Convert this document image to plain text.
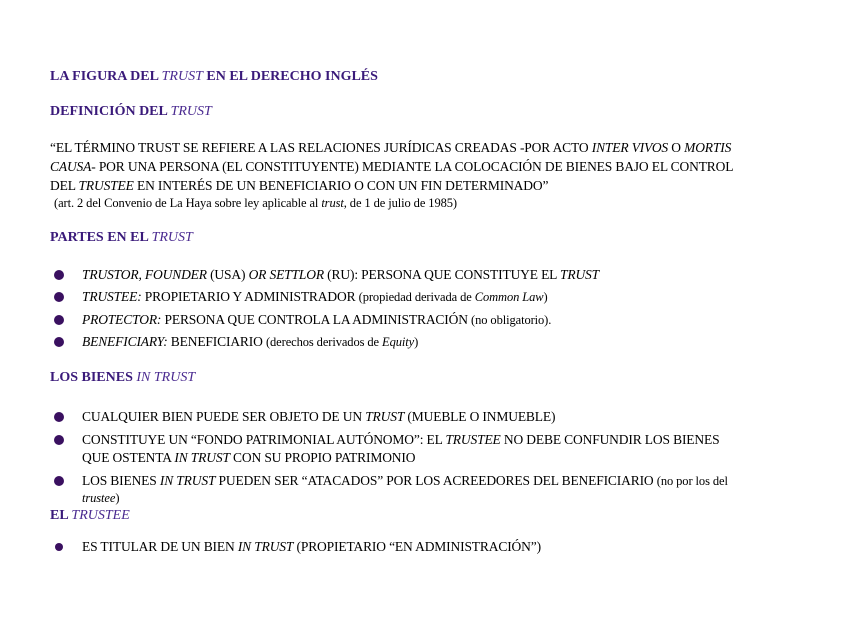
LA FIGURA DEL TRUST EN EL DERECHO INGLÉS
DEFINICIÓN DEL TRUST
“EL TÉRMINO TRUST SE REFIERE A LAS RELACIONES JURÍDICAS CREADAS -POR ACTO INTER VIVOS O MORTIS
CAUSA- POR UNA PERSONA (EL CONSTITUYENTE) MEDIANTE LA COLOCACIÓN DE BIENES BAJO EL CONTROL
DEL TRUSTEE EN INTERÉS DE UN BENEFICIARIO O CON UN FIN DETERMINADO”
(art. 2 del Convenio de La Haya sobre ley aplicable al trust, de 1 de julio de 1985)
PARTES EN EL TRUST
TRUSTOR, FOUNDER (USA) OR SETTLOR (RU): PERSONA QUE CONSTITUYE EL TRUST
TRUSTEE: PROPIETARIO Y ADMINISTRADOR (propiedad derivada de Common Law)
PROTECTOR: PERSONA QUE CONTROLA LA ADMINISTRACIÓN (no obligatorio).
BENEFICIARY: BENEFICIARIO (derechos derivados de Equity)
LOS BIENES IN TRUST
CUALQUIER BIEN PUEDE SER OBJETO DE UN TRUST (MUEBLE O INMUEBLE)
CONSTITUYE UN “FONDO PATRIMONIAL AUTÓNOMO”: EL TRUSTEE NO DEBE CONFUNDIR LOS BIENES
QUE OSTENTA IN TRUST CON SU PROPIO PATRIMONIO
LOS BIENES IN TRUST PUEDEN SER “ATACADOS” POR LOS ACREEDORES DEL BENEFICIARIO (no por los del
trustee)
EL TRUSTEE
ES TITULAR DE UN BIEN IN TRUST (PROPIETARIO “EN ADMINISTRACIÓN”)
